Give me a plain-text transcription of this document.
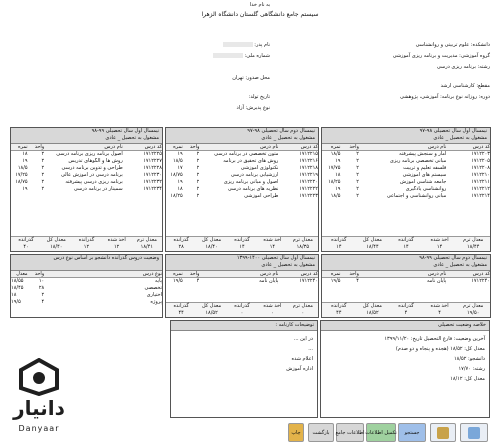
به نام خدا
سیستم جامع دانشگاهی گلستان دانشگاه الزهرا
دانشکده: علوم تربیتی و روانشناسی
گروه آموزشی: مدیریت و برنامه ریزی آموزشی
رشته: برنامه ریزی درسی
مقطع: کارشناسی ارشد
دوره: روزانه نوع برنامه: آموزشی، پژوهشی
نام پدر:
شماره ملی:
محل صدور: تهران
تاریخ تولد:
نوع پذیرش: آزاد
نیمسال اول سال تحصیلی ۹۸-۹۷
مشغول به تحصیل _ عادی
کد درس
نام درس
واحد
نمره
۱۷۱۲۲۰۳
آمار و سنجش پیشرفته
۲
۱۸/۵
۱۷۱۲۲۰۵
مبانی تخصصی برنامه ریزی
۲
۱۹
۱۷۱۲۲۰۸
فلسفه تعلیم و تربیت
۲
۱۷/۷۵
۱۷۱۲۲۱۰
سیستم های آموزشی
۲
۱۸
۱۷۱۲۲۱۱
جامعه شناسی آموزش
۲
۱۸/۲۵
۱۷۱۲۲۱۲
روانشناسی یادگیری
۲
۱۹
۱۷۱۲۲۱۴
مبانی روانشناسی و اجتماعی
۲
۱۸/۵
معدل ترم
اخذ شده
گذرانده
معدل کل
گذرانده
۱۸/۴۴
۱۴
۱۴
۱۸/۴۴
۱۴
نیمسال دوم سال تحصیلی ۹۸-۹۷
مشغول به تحصیل _ عادی
کد درس
نام درس
واحد
نمره
۱۷۱۲۲۱۵
متون تخصصی در برنامه درسی
۲
۱۹
۱۷۱۲۲۱۶
روش های تحقیق در برنامه
۲
۱۸/۵
۱۷۱۲۲۱۸
تکنولوژی آموزشی
۲
۱۷
۱۷۱۲۲۱۹
ارزشیابی برنامه درسی
۲
۱۸/۷۵
۱۷۱۲۲۲۰
اصول و مبانی برنامه ریزی
۲
۱۹
۱۷۱۲۲۲۲
نظریه های برنامه درسی
۲
۱۸
۱۷۱۲۲۲۳
طراحی آموزشی
۲
۱۸/۲۵
معدل ترم
اخذ شده
گذرانده
معدل کل
گذرانده
۱۸/۳۵
۱۴
۱۴
۱۸/۴۰
۲۸
نیمسال اول سال تحصیلی ۹۹-۹۸
مشغول به تحصیل _ عادی
کد درس
نام درس
واحد
نمره
۱۷۱۲۲۲۵
اصول برنامه ریزی برنامه درسی
۲
۱۸
۱۷۱۲۲۲۷
روش ها و الگوهای تدریس
۲
۱۹
۱۷۱۲۲۲۸
طراحی و تدوین برنامه درسی
۲
۱۸/۵
۱۷۱۲۲۳۰
برنامه درسی در آموزش عالی
۲
۱۷/۲۵
۱۷۱۲۲۳۲
برنامه ریزی درسی پیشرفته
۲
۱۸/۷۵
۱۷۱۲۲۳۴
سمینار در برنامه درسی
۲
۱۹
معدل ترم
اخذ شده
گذرانده
معدل کل
گذرانده
۱۸/۴۱
۱۲
۱۲
۱۸/۴۰
۴۰
نیمسال دوم سال تحصیلی ۹۹-۹۸
مشغول به تحصیل _ عادی
کد درس
نام درس
واحد
نمره
۱۷۱۲۲۴۰
پایان نامه
۴
۱۹/۵
معدل ترم
اخذ شده
گذرانده
معدل کل
گذرانده
۱۹/۵۰
۴
۴
۱۸/۵۲
۴۴
نیمسال اول سال تحصیلی ۱۴۰۰-۱۳۹۹
مشغول به تحصیل _ عادی
کد درس
نام درس
واحد
نمره
۱۷۱۲۲۴۰
پایان نامه
۴
۱۹/۵
معدل ترم
اخذ شده
گذرانده
معدل کل
گذرانده
۰
۰
۰
۱۸/۵۲
۴۴
وضعیت دروس گذرانده دانشجو بر اساس نوع درس
نوع درس
واحد
معدل
پایه
۱۰
۱۸/۵۵
تخصصی
۲۸
۱۸/۴۵
اختیاری
۲
۱۸
پروژه
۴
۱۹/۵
خلاصه وضعیت تحصیلی
آخرین وضعیت: فارغ التحصیل تاریخ: ۱۳۹۹/۱۱/۲۰
معدل کل: ۱۸/۵۲ (هجده و پنجاه و دو صدم)
دانشجو: ۱۸/۵۲
رشته: ۱۷/۷۰
معدل کل: ۱۸/۱۲
توضیحات کارنامه :
در این ...
...
اعلام شده
اداره آموزش
دانیار
Danyaar	چاپ بازگشت اطلاعات جامع تکمیل اطلاعات جستجو
